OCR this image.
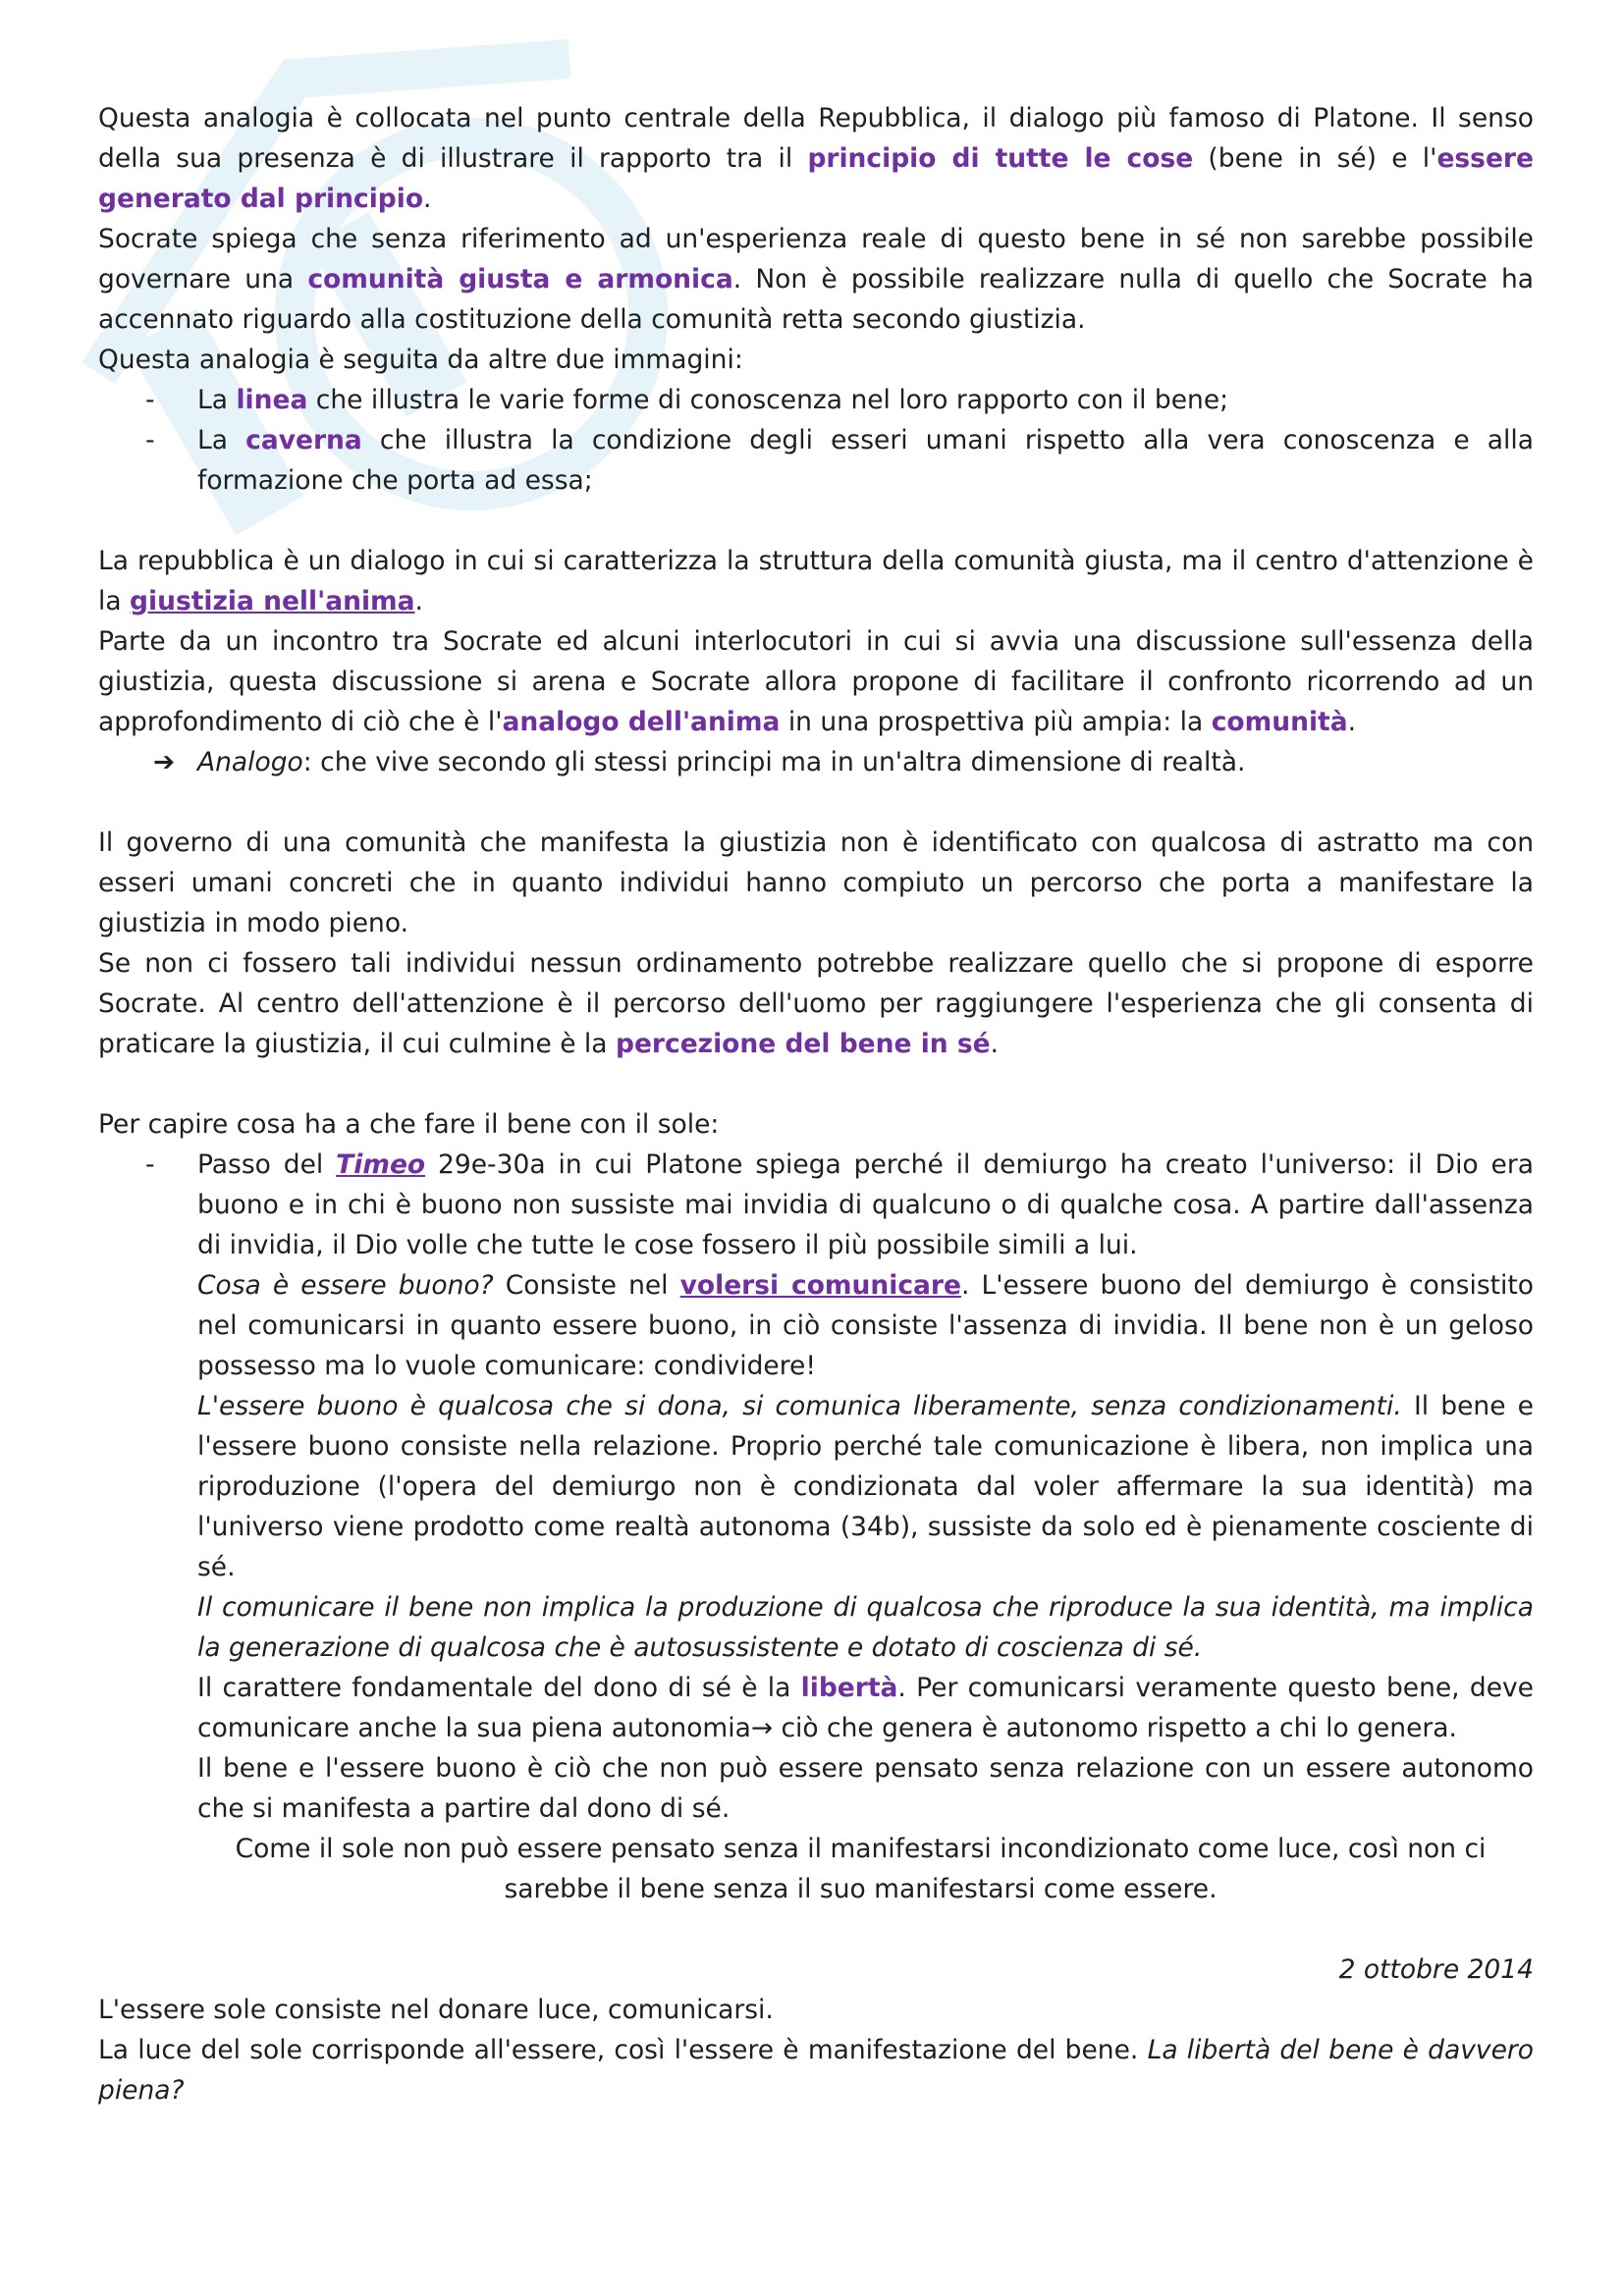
Questa analogia è collocata nel punto centrale della Repubblica, il dialogo più famoso di Platone. Il senso della sua presenza è di illustrare il rapporto tra il principio di tutte le cose (bene in sé) e l'essere generato dal principio.

Socrate spiega che senza riferimento ad un'esperienza reale di questo bene in sé non sarebbe possibile governare una comunità giusta e armonica. Non è possibile realizzare nulla di quello che Socrate ha accennato riguardo alla costituzione della comunità retta secondo giustizia.

Questa analogia è seguita da altre due immagini:

- La linea che illustra le varie forme di conoscenza nel loro rapporto con il bene;
- La caverna che illustra la condizione degli esseri umani rispetto alla vera conoscenza e alla formazione che porta ad essa;

La repubblica è un dialogo in cui si caratterizza la struttura della comunità giusta, ma il centro d'attenzione è la giustizia nell'anima.

Parte da un incontro tra Socrate ed alcuni interlocutori in cui si avvia una discussione sull'essenza della giustizia, questa discussione si arena e Socrate allora propone di facilitare il confronto ricorrendo ad un approfondimento di ciò che è l'analogo dell'anima in una prospettiva più ampia: la comunità.

➔ Analogo: che vive secondo gli stessi principi ma in un'altra dimensione di realtà.

Il governo di una comunità che manifesta la giustizia non è identificato con qualcosa di astratto ma con esseri umani concreti che in quanto individui hanno compiuto un percorso che porta a manifestare la giustizia in modo pieno.

Se non ci fossero tali individui nessun ordinamento potrebbe realizzare quello che si propone di esporre Socrate. Al centro dell'attenzione è il percorso dell'uomo per raggiungere l'esperienza che gli consenta di praticare la giustizia, il cui culmine è la percezione del bene in sé.

Per capire cosa ha a che fare il bene con il sole:

- Passo del Timeo 29e-30a in cui Platone spiega perché il demiurgo ha creato l'universo: il Dio era buono e in chi è buono non sussiste mai invidia di qualcuno o di qualche cosa. A partire dall'assenza di invidia, il Dio volle che tutte le cose fossero il più possibile simili a lui.

Cosa è essere buono? Consiste nel volersi comunicare. L'essere buono del demiurgo è consistito nel comunicarsi in quanto essere buono, in ciò consiste l'assenza di invidia. Il bene non è un geloso possesso ma lo vuole comunicare: condividere!

L'essere buono è qualcosa che si dona, si comunica liberamente, senza condizionamenti. Il bene e l'essere buono consiste nella relazione. Proprio perché tale comunicazione è libera, non implica una riproduzione (l'opera del demiurgo non è condizionata dal voler affermare la sua identità) ma l'universo viene prodotto come realtà autonoma (34b), sussiste da solo ed è pienamente cosciente di sé.

Il comunicare il bene non implica la produzione di qualcosa che riproduce la sua identità, ma implica la generazione di qualcosa che è autosussistente e dotato di coscienza di sé.

Il carattere fondamentale del dono di sé è la libertà. Per comunicarsi veramente questo bene, deve comunicare anche la sua piena autonomia→ ciò che genera è autonomo rispetto a chi lo genera.

Il bene e l'essere buono è ciò che non può essere pensato senza relazione con un essere autonomo che si manifesta a partire dal dono di sé.

Come il sole non può essere pensato senza il manifestarsi incondizionato come luce, così non ci sarebbe il bene senza il suo manifestarsi come essere.

2 ottobre 2014

L'essere sole consiste nel donare luce, comunicarsi.

La luce del sole corrisponde all'essere, così l'essere è manifestazione del bene. La libertà del bene è davvero piena?
